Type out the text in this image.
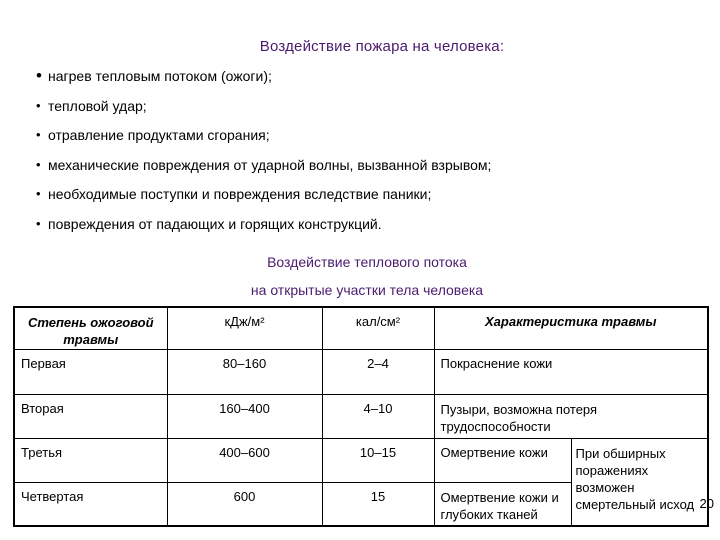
Воздействие пожара на человека:
• нагрев тепловым потоком (ожоги);
• тепловой удар;
• отравление продуктами сгорания;
• механические повреждения от ударной волны, вызванной взрывом;
• необходимые поступки и повреждения вследствие паники;
• повреждения от падающих и горящих конструкций.
Воздействие теплового потока
на открытые участки тела человека
Степень ожоговой травмы	кДж/м²	кал/см²	Характеристика травмы	
Первая	80–160	2–4	Покраснение кожи	
Вторая	160–400	4–10	Пузыри, возможна потеря трудоспособности	
Третья	400–600	10–15	Омертвение кожи	При обширных поражениях возможен смертельный исход
Четвертая	600	15	Омертвение кожи и глубоких тканей	
20
